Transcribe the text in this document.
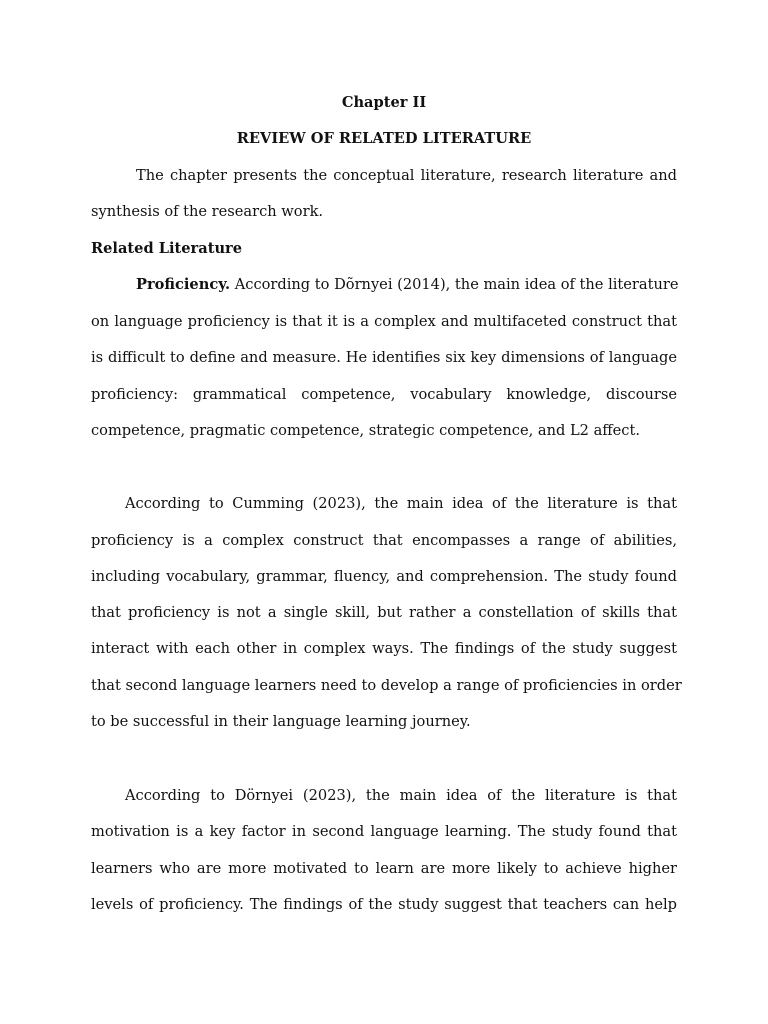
Chapter II
REVIEW OF RELATED LITERATURE
The chapter presents the conceptual literature, research literature and
synthesis of the research work.
Related Literature
Proficiency. According to Dõrnyei (2014), the main idea of the literature
on language proficiency is that it is a complex and multifaceted construct that
is difficult to define and measure. He identifies six key dimensions of language
proficiency: grammatical competence, vocabulary knowledge, discourse
competence, pragmatic competence, strategic competence, and L2 affect.
According to Cumming (2023), the main idea of the literature is that
proficiency is a complex construct that encompasses a range of abilities,
including vocabulary, grammar, fluency, and comprehension. The study found
that proficiency is not a single skill, but rather a constellation of skills that
interact with each other in complex ways. The findings of the study suggest
that second language learners need to develop a range of proficiencies in order
to be successful in their language learning journey.
According to Dörnyei (2023), the main idea of the literature is that
motivation is a key factor in second language learning. The study found that
learners who are more motivated to learn are more likely to achieve higher
levels of proficiency. The findings of the study suggest that teachers can help
